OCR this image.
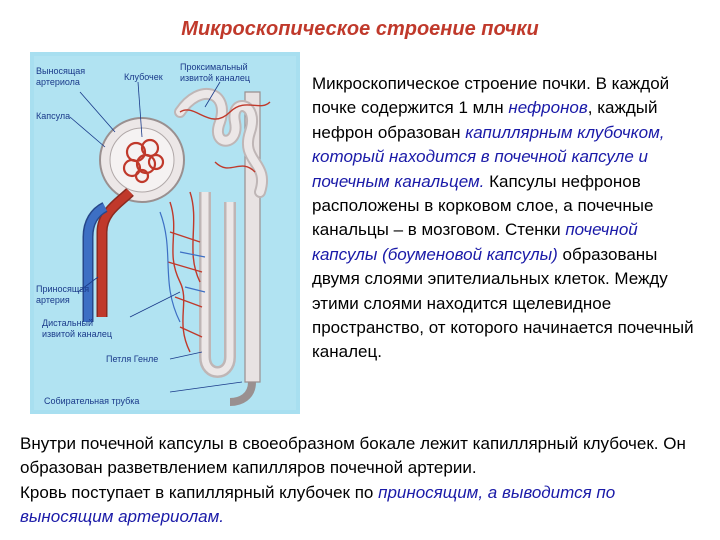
Микроскопическое строение почки
Выносящая
артериола	Клубочек
Проксимальный
извитой каналец
Капсула
Приносящая
артерия
Дистальный
извитой каналец
Петля Генле
Собирательная трубка
Микроскопическое строение почки. В каждой почке содержится 1 млн нефронов, каждый нефрон образован капиллярным клубочком, который находится в почечной капсуле и почечным канальцем. Капсулы нефронов расположены в корковом слое, а почечные канальцы – в мозговом. Стенки почечной капсулы (боуменовой капсулы) образованы двумя слоями эпителиальных клеток. Между этими слоями находится щелевидное пространство, от которого начинается почечный каналец.

Внутри почечной капсулы в своеобразном бокале лежит капиллярный клубочек. Он образован разветвлением капилляров почечной артерии.

Кровь поступает в капиллярный клубочек по приносящим, а выводится по выносящим артериолам.
